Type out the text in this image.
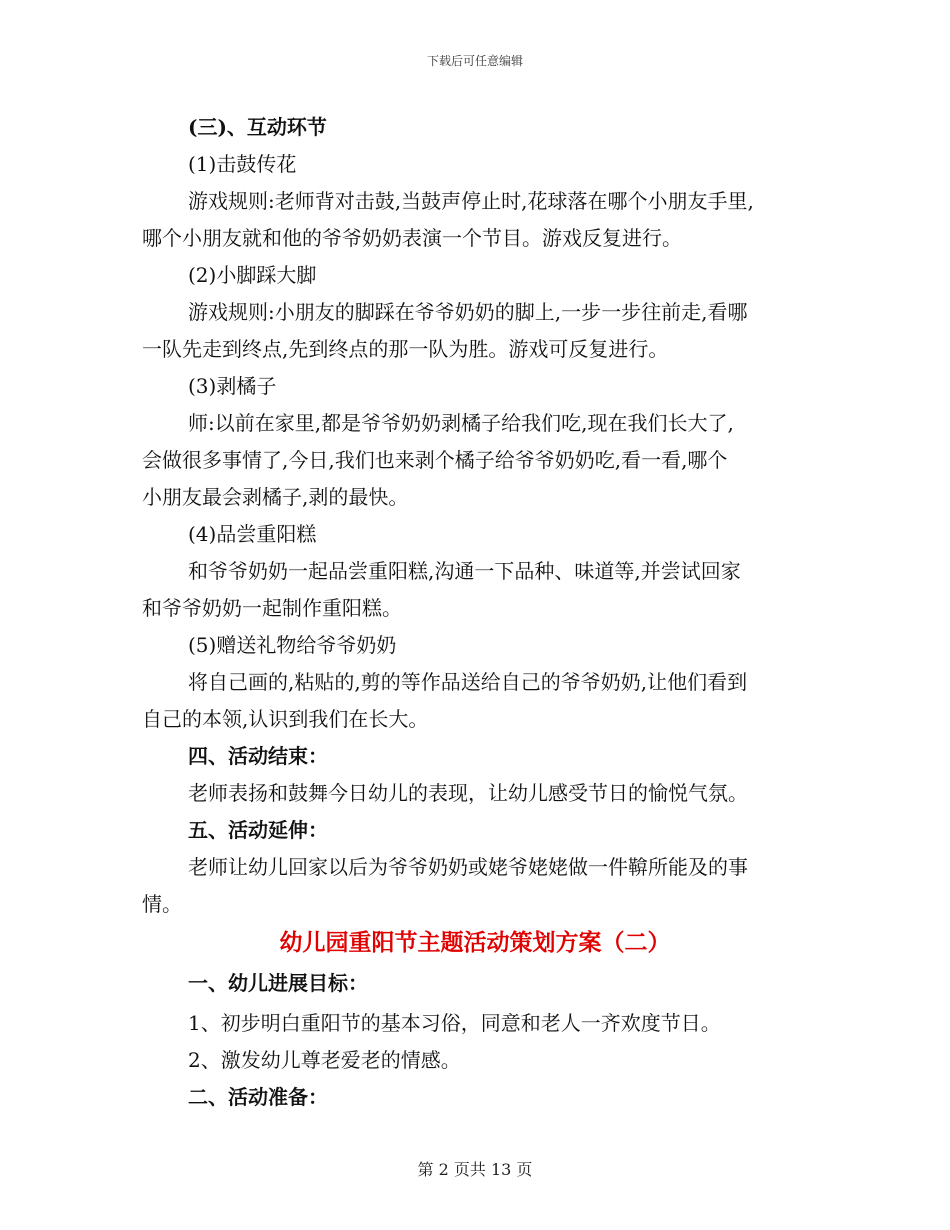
下载后可任意编辑
(三)、互动环节
(1)击鼓传花
游戏规则:老师背对击鼓,当鼓声停止时,花球落在哪个小朋友手里,
哪个小朋友就和他的爷爷奶奶表演一个节目。游戏反复进行。
(2)小脚踩大脚
游戏规则:小朋友的脚踩在爷爷奶奶的脚上,一步一步往前走,看哪
一队先走到终点,先到终点的那一队为胜。游戏可反复进行。
(3)剥橘子
师:以前在家里,都是爷爷奶奶剥橘子给我们吃,现在我们长大了,
会做很多事情了,今日,我们也来剥个橘子给爷爷奶奶吃,看一看,哪个
小朋友最会剥橘子,剥的最快。
(4)品尝重阳糕
和爷爷奶奶一起品尝重阳糕,沟通一下品种、味道等,并尝试回家
和爷爷奶奶一起制作重阳糕。
(5)赠送礼物给爷爷奶奶
将自己画的,粘贴的,剪的等作品送给自己的爷爷奶奶,让他们看到
自己的本领,认识到我们在长大。
四、活动结束：
老师表扬和鼓舞今日幼儿的表现，让幼儿感受节日的愉悦气氛。
五、活动延伸：
老师让幼儿回家以后为爷爷奶奶或姥爷姥姥做一件鞥所能及的事
情。
幼儿园重阳节主题活动策划方案（二）
一、幼儿进展目标：
1、初步明白重阳节的基本习俗，同意和老人一齐欢度节日。
2、激发幼儿尊老爱老的情感。
二、活动准备：
第 2 页共 13 页
